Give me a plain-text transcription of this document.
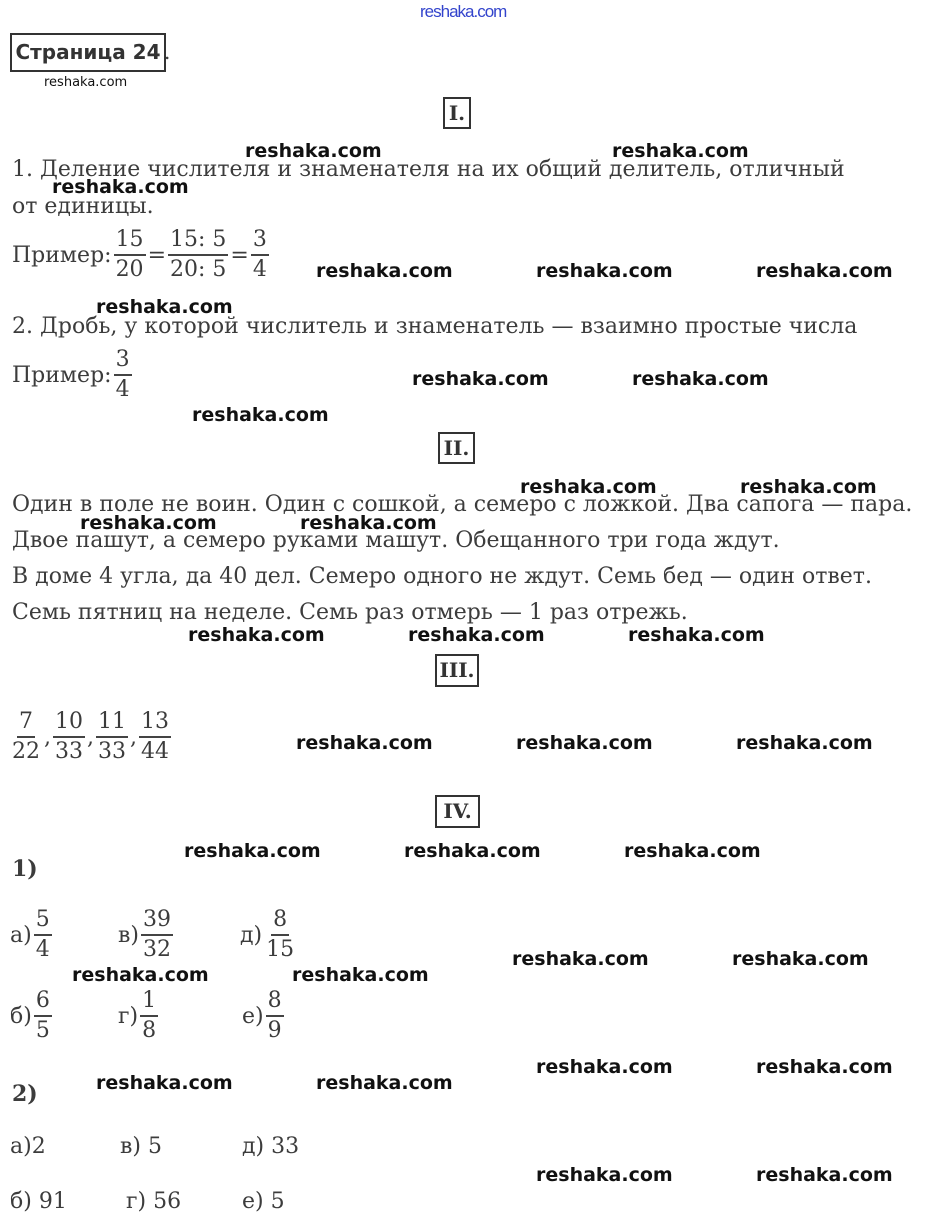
reshaka.com
Страница 24 .
reshaka.com
I.
1. Деление числителя и знаменателя на их общий делитель, отличный
от единицы.
Пример: $\frac{15}{20} = \frac{15: 5}{20: 5} = \frac{3}{4}$
2. Дробь, у которой числитель и знаменатель — взаимно простые числа
Пример: $\frac{3}{4}$
II.
Один в поле не воин. Один с сошкой, а семеро с ложкой. Два сапога — пара.
Двое пашут, а семеро руками машут. Обещанного три года ждут.
В доме 4 угла, да 40 дел. Семеро одного не ждут. Семь бед — один ответ.
Семь пятниц на неделе. Семь раз отмерь — 1 раз отрежь.
III.
$\frac{7}{22}$ , $\frac{10}{33}$ , $\frac{11}{33}$ , $\frac{13}{44}$
IV.
1)
$а) \frac{5}{4}$	$в) \frac{39}{32}$	$д) \frac{8}{15}$
$б) \frac{6}{5}$	$г) \frac{1}{8}$	$е) \frac{8}{9}$
2)
а)2	в) 5	д) 33
б) 91	г) 56	е) 5
reshaka.com	reshaka.com
reshaka.com
reshaka.com	reshaka.com	reshaka.com
reshaka.com
reshaka.com	reshaka.com
reshaka.com
reshaka.com	reshaka.com
reshaka.com	reshaka.com
reshaka.com	reshaka.com	reshaka.com
reshaka.com	reshaka.com	reshaka.com
reshaka.com	reshaka.com	reshaka.com
reshaka.com	reshaka.com
reshaka.com	reshaka.com
reshaka.com	reshaka.com
reshaka.com	reshaka.com
reshaka.com	reshaka.com
